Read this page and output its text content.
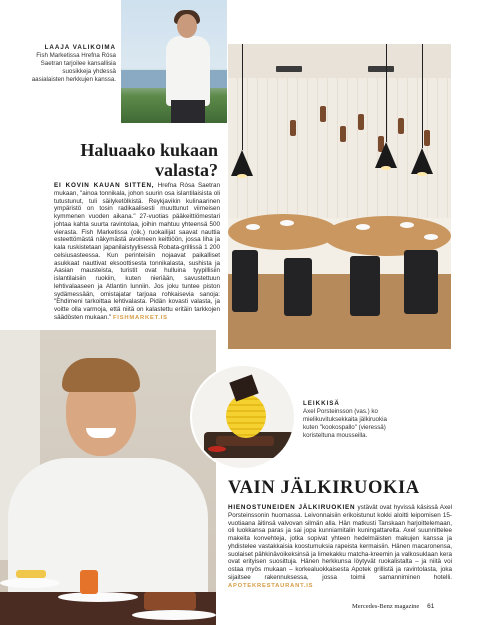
LAAJA VALIKOIMA
Fish Marketissa Hrefna Rósa Saetran tarjoilee kansallisia suosikkeja yhdessä aasialaisten herkkujen kanssa.
LEIKKISÄ
Axel Porsteinsson (vas.) ko mielikuvituksekkaita jälkiruokia kuten "kookospallo" (vieressä) koristeltuna mousseilla.
Haluaako kukaan valasta?

EI KOVIN KAUAN SITTEN, Hrefna Rósa Saetran mukaan, "ainoa tonnikala, johon suurin osa islantilaisista oli tutustunut, tuli säilyketölkistä. Reykjavikin kulinaarinen ympäristö on tosin radikaalisesti muuttunut viimeisen kymmenen vuoden aikana." 27-vuotias pääkeittiömestari johtaa kahta suurta ravintolaa, joihin mahtuu yhteensä 500 vierasta. Fish Marketissa (oik.) ruokailijat saavat nauttia esteettömästä näkymästä avoimeen keittiöön, jossa liha ja kala ruskistetaan japanilaistyylisessä Robata-grillissä 1 200 celsiusasteessa. Kun perinteisiin nojaavat paikalliset asukkaat nauttivat eksoottisesta tonnikalasta, sushista ja Aasian mausteista, turistit ovat hulluina tyypillisiin islantilaisiin ruokiin, kuten nieriään, savustettuun lehtivalaaseen ja Atlantin lunniin. Jos joku tuntee piston sydämessään, omistajatar tarjoaa rohkaisevia sanoja: "Ehdimeni tarkoittaa lehtivalasta. Pidän kovasti valasta, ja voitte olla varmoja, että niitä on kalastettu eritäin tarkkojen säädösten mukaan." FISHMARKET.IS

VAIN JÄLKIRUOKIA

HIENOSTUNEIDEN JÄLKIRUOKIEN ystävät ovat hyvissä käsissä Axel Porsteinssonin huomassa. Leivonnaisiin erikoistunut kokki aloitti leipomisen 15-vuotiaana äitinsä valvovan silmän alla. Hän matkusti Tanskaan harjoittelemaan, oli luokkansa paras ja sai jopa kunniamitalin kuningattarelta. Axel suunnittelee makeita konvehteja, jotka sopivat yhteen hedelmäisten makujen kanssa ja yhdistelee vastakkaisia koostumuksia rapeista kermaisiin. Hänen macaronensa, suolaiset pähkinävoikeksinsä ja limekakku matcha-kreemin ja valkosuklaan kera ovat erityisen suosittuja. Hänen herkkunsa löytyvät ruokalistalta – ja niitä voi ostaa myös mukaan – korkealuokkaisesta Apotek grillistä ja ravintolasta, joka sijaitsee rakennuksessa, jossa toimii samanniminen hotelli. APOTEKRESTAURANT.IS

Mercedes-Benz magazine 61
